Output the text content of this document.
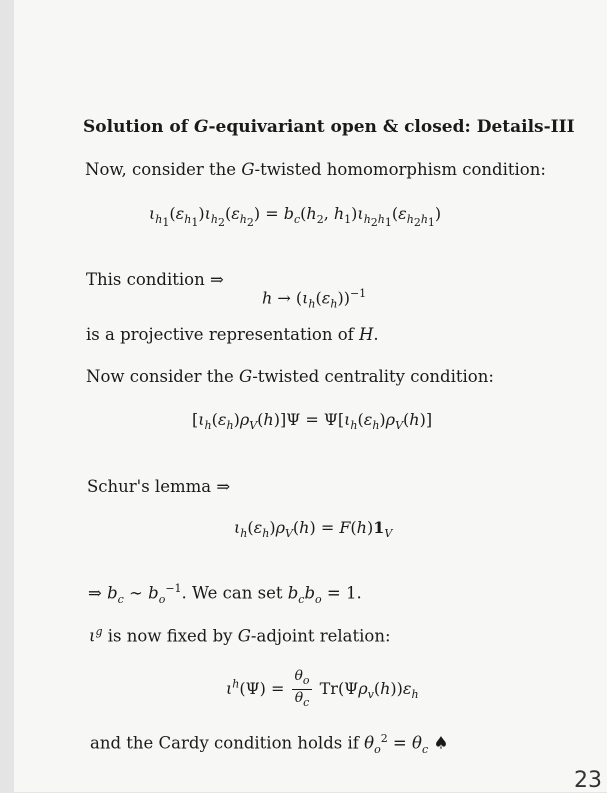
Solution of G-equivariant open & closed: Details-III
Now, consider the G-twisted homomorphism condition:
$\iota_{h_1}(\varepsilon_{h_1})\iota_{h_2}(\varepsilon_{h_2}) = b_c(h_2$, $h_1)\iota_{h_2h_1}(\varepsilon_{h_2h_1})$
This condition ⇒
$h \to (\iota_h(\varepsilon_h))^{-1}$
is a projective representation of H.
Now consider the G-twisted centrality condition:
$[\iota_h(\varepsilon_h)\rho_V(h)]\Psi = \Psi[\iota_h(\varepsilon_h)\rho_V(h)]$
Schur's lemma ⇒
$\iota_h(\varepsilon_h)\rho_V(h) = F(h)1_V$
⇒ $b_c$ ∼ $b_o^{-1}$. We can set $b_cb_o = 1$.
$\iota^g$ is now fixed by G-adjoint relation:
$\iota^h(\Psi) = \frac{\theta_o}{\theta_c} Tr(\Psi\rho_v(h))\varepsilon_h$
and the Cardy condition holds if $\theta_o^2 = \theta_c$ ♠
23
